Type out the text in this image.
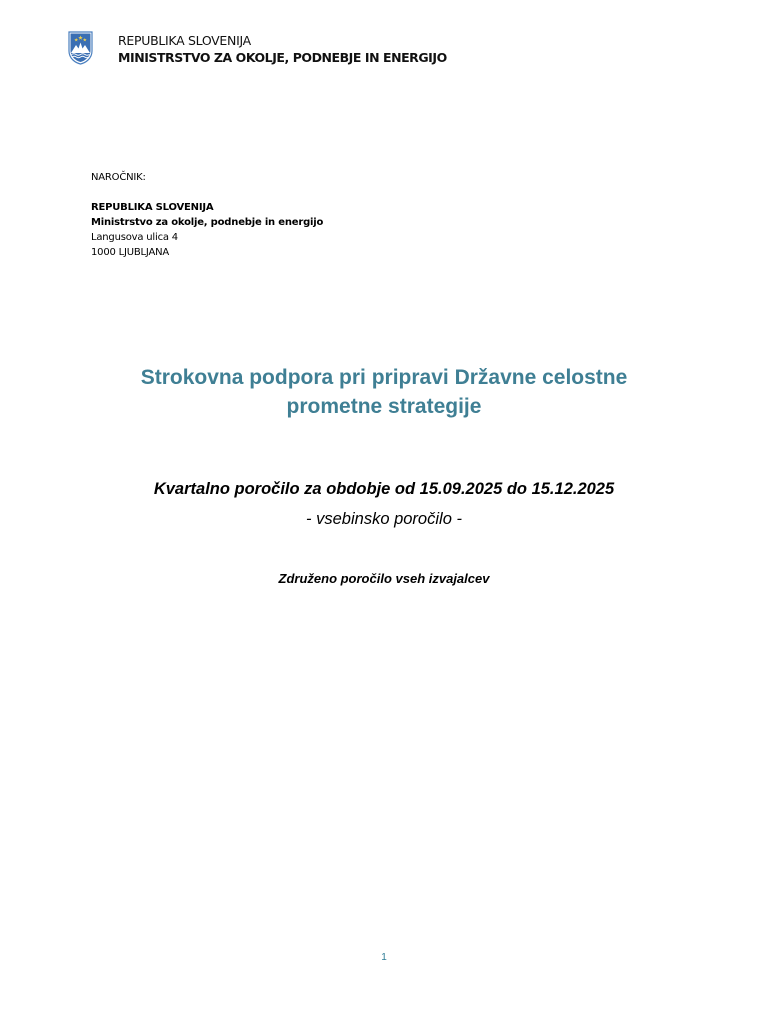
REPUBLIKA SLOVENIJA
MINISTRSTVO ZA OKOLJE, PODNEBJE IN ENERGIJO
NAROČNIK:
REPUBLIKA SLOVENIJA
Ministrstvo za okolje, podnebje in energijo
Langusova ulica 4
1000 LJUBLJANA
Strokovna podpora pri pripravi Državne celostne
prometne strategije
Kvartalno poročilo za obdobje od 15.09.2025 do 15.12.2025
- vsebinsko poročilo -
Združeno poročilo vseh izvajalcev
1
